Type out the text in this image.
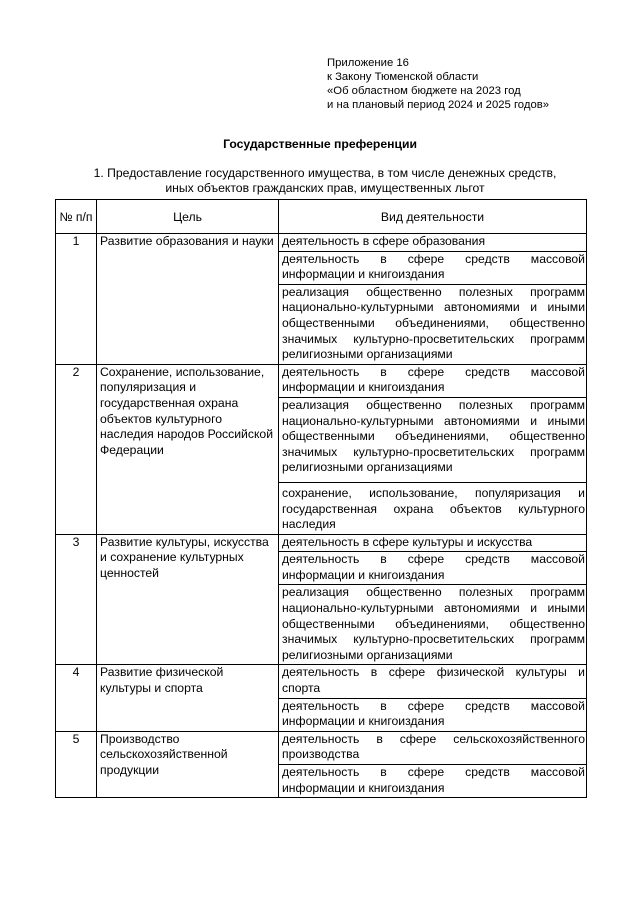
Приложение 16
к Закону Тюменской области
«Об областном бюджете на 2023 год
и на плановый период 2024 и 2025 годов»
Государственные преференции
1. Предоставление государственного имущества, в том числе денежных средств,
иных объектов гражданских прав, имущественных льгот
№ п/п	Цель	Вид деятельности
1	Развитие образования и науки	деятельность в сфере образования
деятельность в сфере средств массовой информации и книгоиздания
реализация общественно полезных программ национально-культурными автономиями и иными общественными объединениями, общественно значимых культурно-просветительских программ религиозными организациями

2	Сохранение, использование, популяризация и государственная охрана объектов культурного наследия народов Российской Федерации	деятельность в сфере средств массовой информации и книгоиздания
реализация общественно полезных программ национально-культурными автономиями и иными общественными объединениями, общественно значимых культурно-просветительских программ религиозными организациями
сохранение, использование, популяризация и государственная охрана объектов культурного наследия

3	Развитие культуры, искусства и сохранение культурных ценностей	деятельность в сфере культуры и искусства
деятельность в сфере средств массовой информации и книгоиздания
реализация общественно полезных программ национально-культурными автономиями и иными общественными объединениями, общественно значимых культурно-просветительских программ религиозными организациями

4	Развитие физической культуры и спорта	деятельность в сфере физической культуры и спорта
деятельность в сфере средств массовой информации и книгоиздания

5	Производство сельскохозяйственной продукции	деятельность в сфере сельскохозяйственного производства
деятельность в сфере средств массовой информации и книгоиздания
